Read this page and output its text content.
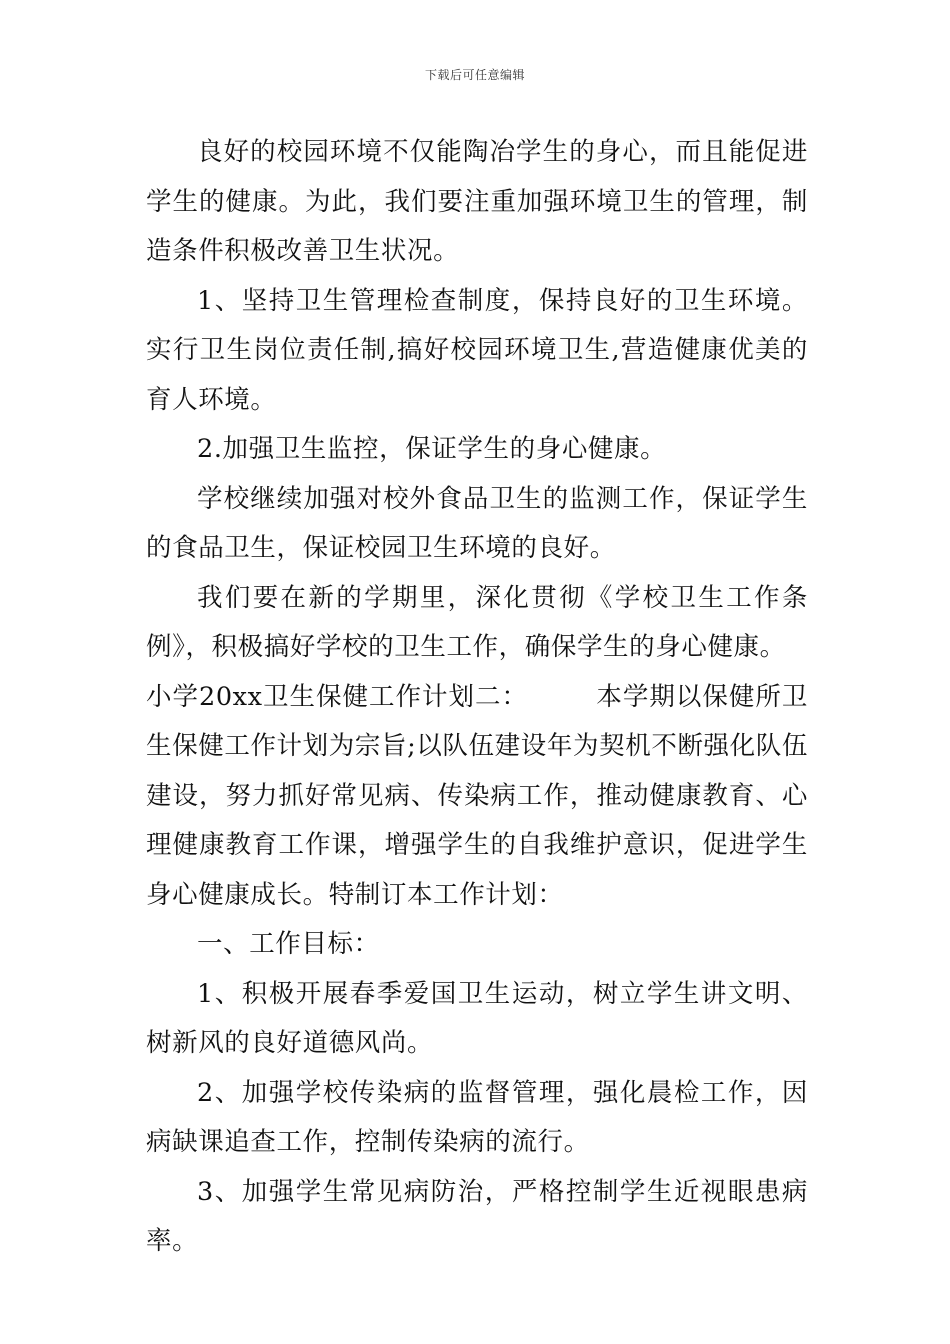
下载后可任意编辑

良好的校园环境不仅能陶冶学生的身心，而且能促进学生的健康。为此，我们要注重加强环境卫生的管理，制造条件积极改善卫生状况。

1、坚持卫生管理检查制度，保持良好的卫生环境。实行卫生岗位责任制,搞好校园环境卫生,营造健康优美的育人环境。

2.加强卫生监控，保证学生的身心健康。

学校继续加强对校外食品卫生的监测工作，保证学生的食品卫生，保证校园卫生环境的良好。

我们要在新的学期里，深化贯彻《学校卫生工作条例》，积极搞好学校的卫生工作，确保学生的身心健康。

小学20xx卫生保健工作计划二：	本学期以保健所卫生保健工作计划为宗旨;以队伍建设年为契机不断强化队伍建设，努力抓好常见病、传染病工作，推动健康教育、心理健康教育工作课，增强学生的自我维护意识，促进学生身心健康成长。特制订本工作计划：

一、工作目标：

1、积极开展春季爱国卫生运动，树立学生讲文明、树新风的良好道德风尚。

2、加强学校传染病的监督管理，强化晨检工作，因病缺课追查工作，控制传染病的流行。

3、加强学生常见病防治，严格控制学生近视眼患病率。
